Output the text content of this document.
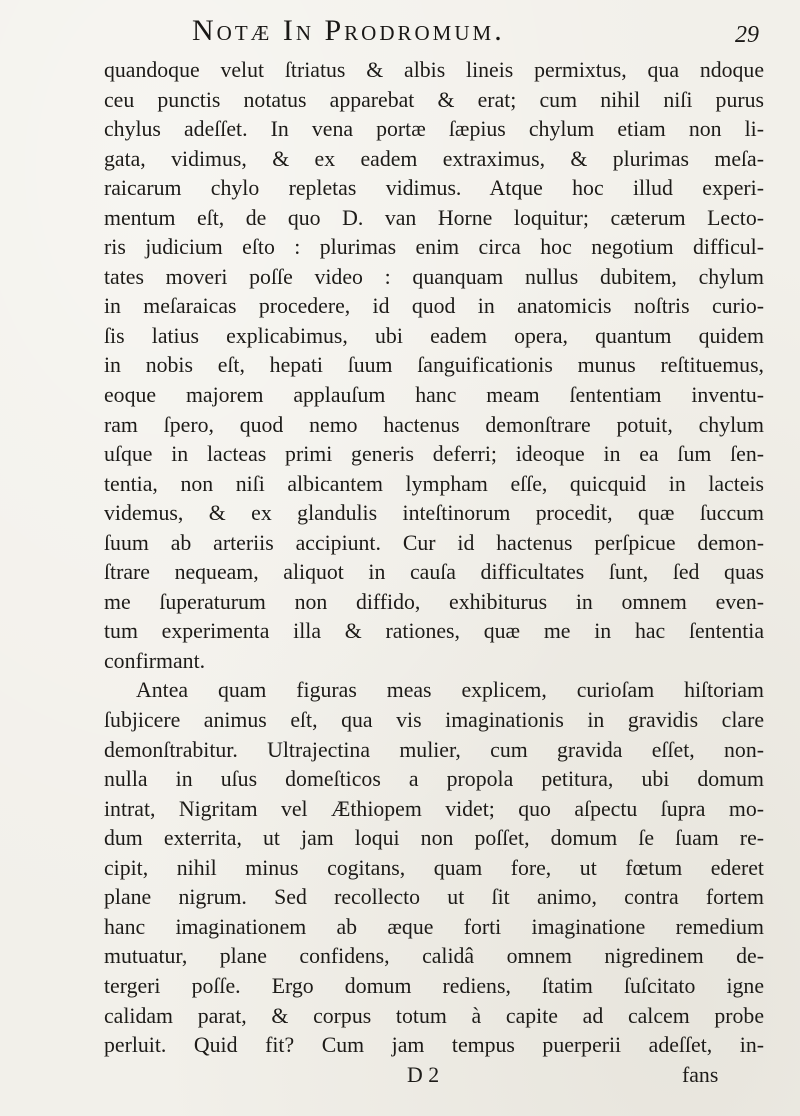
Notæ In Prodromum.	29
quandoque velut ſtriatus & albis lineis permixtus, qua ndoque
ceu punctis notatus apparebat & erat; cum nihil niſi purus
chylus adeſſet. In vena portæ ſæpius chylum etiam non li-
gata, vidimus, & ex eadem extraximus, & plurimas meſa-
raicarum chylo repletas vidimus. Atque hoc illud experi-
mentum eſt, de quo D. van Horne loquitur; cæterum Lecto-
ris judicium eſto : plurimas enim circa hoc negotium difficul-
tates moveri poſſe video : quanquam nullus dubitem, chylum
in meſaraicas procedere, id quod in anatomicis noſtris curio-
ſis latius explicabimus, ubi eadem opera, quantum quidem
in nobis eſt, hepati ſuum ſanguificationis munus reſtituemus,
eoque majorem applauſum hanc meam ſententiam inventu-
ram ſpero, quod nemo hactenus demonſtrare potuit, chylum
uſque in lacteas primi generis deferri; ideoque in ea ſum ſen-
tentia, non niſi albicantem lympham eſſe, quicquid in lacteis
videmus, & ex glandulis inteſtinorum procedit, quæ ſuccum
ſuum ab arteriis accipiunt. Cur id hactenus perſpicue demon-
ſtrare nequeam, aliquot in cauſa difficultates ſunt, ſed quas
me ſuperaturum non diffido, exhibiturus in omnem even-
tum experimenta illa & rationes, quæ me in hac ſententia
confirmant.
Antea quam figuras meas explicem, curioſam hiſtoriam
ſubjicere animus eſt, qua vis imaginationis in gravidis clare
demonſtrabitur. Ultrajectina mulier, cum gravida eſſet, non-
nulla in uſus domeſticos a propola petitura, ubi domum
intrat, Nigritam vel Æthiopem videt; quo aſpectu ſupra mo-
dum exterrita, ut jam loqui non poſſet, domum ſe ſuam re-
cipit, nihil minus cogitans, quam fore, ut fœtum ederet
plane nigrum. Sed recollecto ut ſit animo, contra fortem
hanc imaginationem ab æque forti imaginatione remedium
mutuatur, plane confidens, calidâ omnem nigredinem de-
tergeri poſſe. Ergo domum rediens, ſtatim ſuſcitato igne
calidam parat, & corpus totum à capite ad calcem probe
perluit. Quid fit? Cum jam tempus puerperii adeſſet, in-
D 2	fans
